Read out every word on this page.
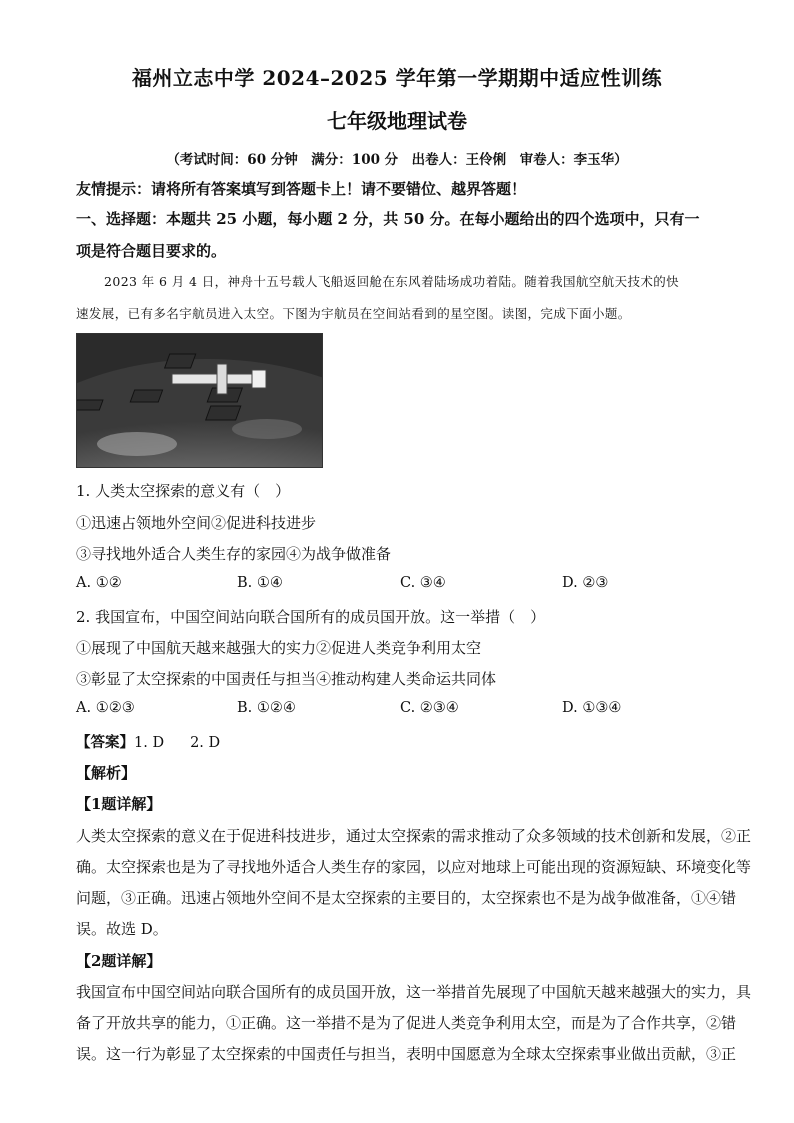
福州立志中学 2024–2025 学年第一学期期中适应性训练
七年级地理试卷
（考试时间：60 分钟　满分：100 分　出卷人：王伶俐　审卷人：李玉华）
友情提示：请将所有答案填写到答题卡上！请不要错位、越界答题！
一、选择题：本题共 25 小题，每小题 2 分，共 50 分。在每小题给出的四个选项中，只有一
项是符合题目要求的。
2023 年 6 月 4 日，神舟十五号载人飞船返回舱在东风着陆场成功着陆。随着我国航空航天技术的快
速发展，已有多名宇航员进入太空。下图为宇航员在空间站看到的星空图。读图，完成下面小题。
1. 人类太空探索的意义有（　）
①迅速占领地外空间②促进科技进步
③寻找地外适合人类生存的家园④为战争做准备
A. ①②	B. ①④	C. ③④	D. ②③
2. 我国宣布，中国空间站向联合国所有的成员国开放。这一举措（　）
①展现了中国航天越来越强大的实力②促进人类竞争利用太空
③彰显了太空探索的中国责任与担当④推动构建人类命运共同体
A. ①②③	B. ①②④	C. ②③④	D. ①③④
【答案】1. D 2. D
【解析】
【1题详解】
人类太空探索的意义在于促进科技进步，通过太空探索的需求推动了众多领域的技术创新和发展，②正
确。太空探索也是为了寻找地外适合人类生存的家园，以应对地球上可能出现的资源短缺、环境变化等
问题，③正确。迅速占领地外空间不是太空探索的主要目的，太空探索也不是为战争做准备，①④错
误。故选 D。
【2题详解】
我国宣布中国空间站向联合国所有的成员国开放，这一举措首先展现了中国航天越来越强大的实力，具
备了开放共享的能力，①正确。这一举措不是为了促进人类竞争利用太空，而是为了合作共享，②错
误。这一行为彰显了太空探索的中国责任与担当，表明中国愿意为全球太空探索事业做出贡献，③正
